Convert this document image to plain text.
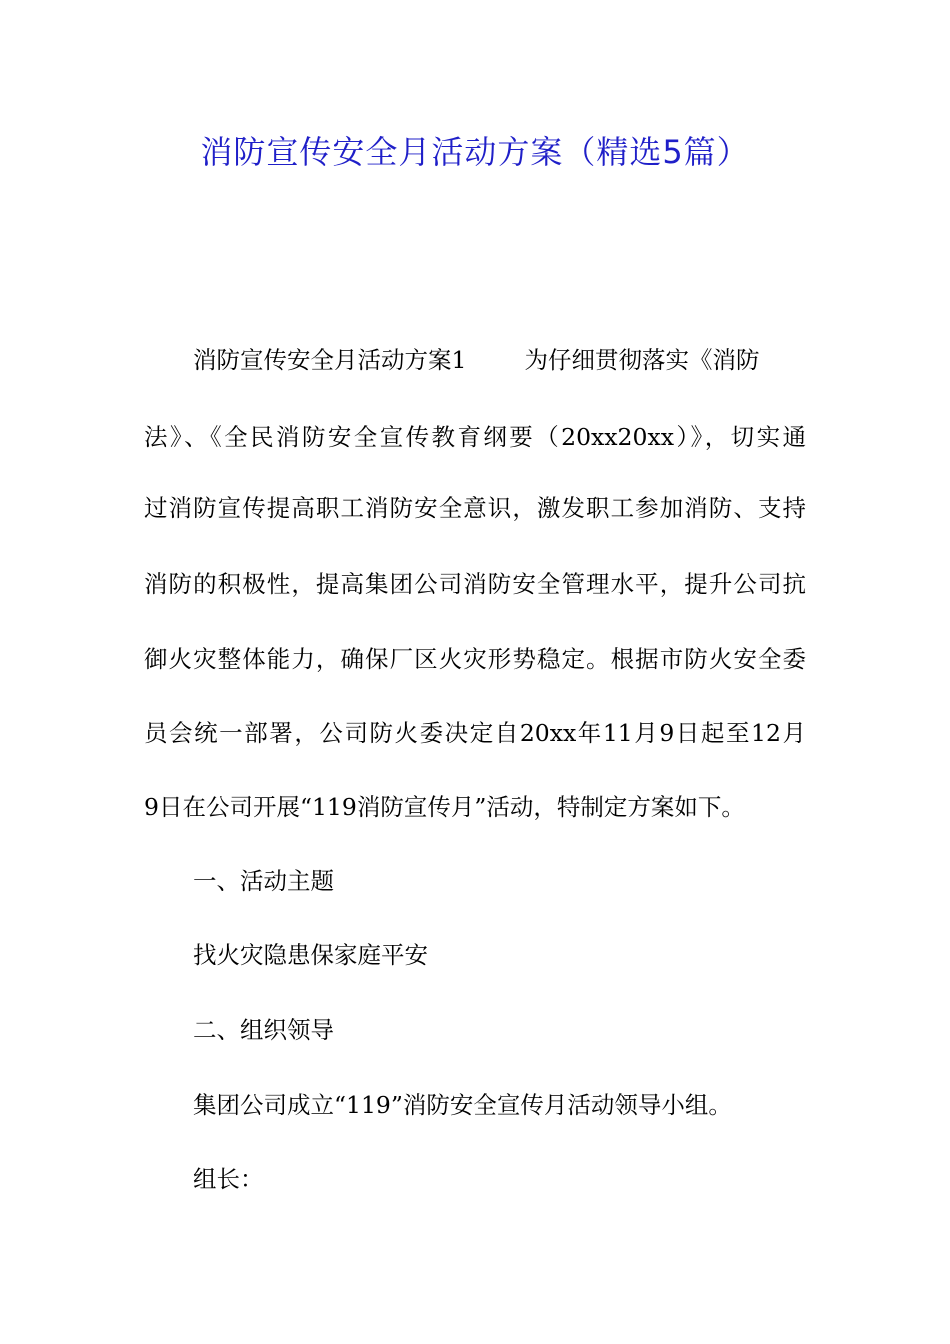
消防宣传安全月活动方案（精选5篇）
消防宣传安全月活动方案1 为仔细贯彻落实《消防
法》、《全民消防安全宣传教育纲要（20xx20xx）》，切实通
过消防宣传提高职工消防安全意识，激发职工参加消防、支持
消防的积极性，提高集团公司消防安全管理水平，提升公司抗
御火灾整体能力，确保厂区火灾形势稳定。根据市防火安全委
员会统一部署，公司防火委决定自20xx年11月9日起至12月
9日在公司开展“119消防宣传月”活动，特制定方案如下。
一、活动主题
找火灾隐患保家庭平安
二、组织领导
集团公司成立“119”消防安全宣传月活动领导小组。
组长：
